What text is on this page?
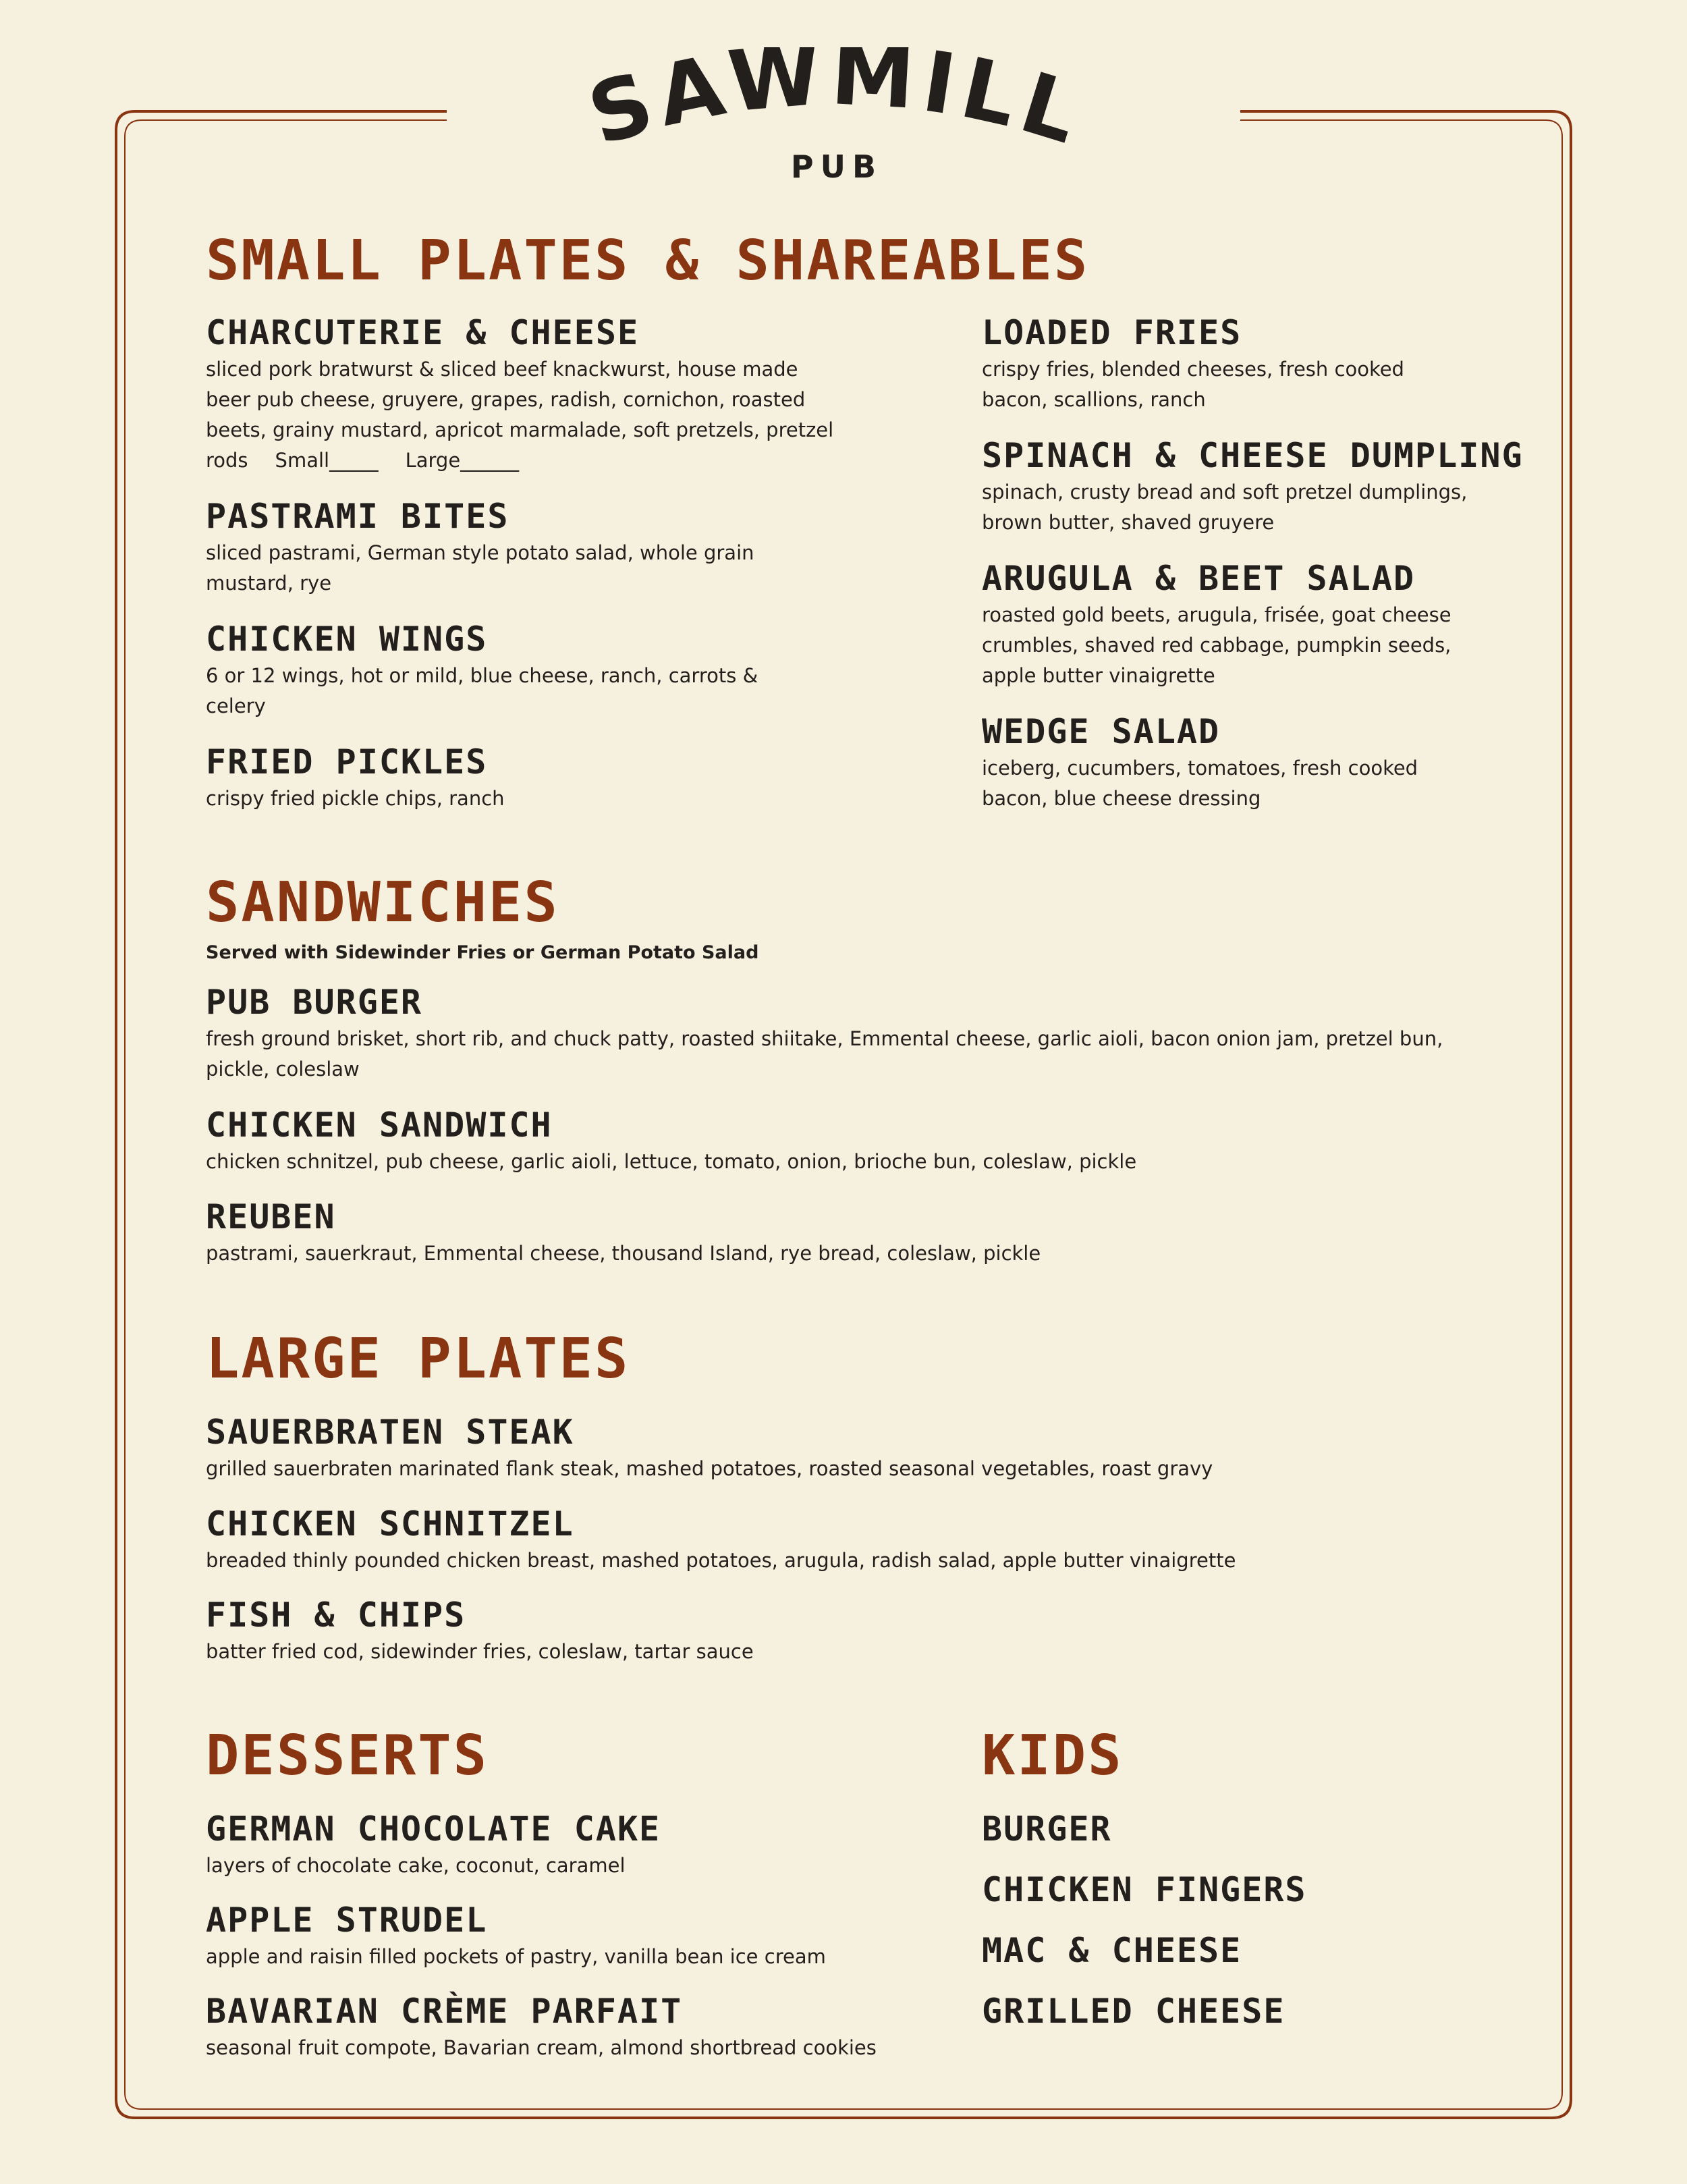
SAWMILL
PUB
SMALL PLATES & SHAREABLES
CHARCUTERIE & CHEESE

sliced pork bratwurst & sliced beef knackwurst, house made beer pub cheese, gruyere, grapes, radish, cornichon, roasted beets, grainy mustard, apricot marmalade, soft pretzels, pretzel rods Small_____ Large______

PASTRAMI BITES

sliced pastrami, German style potato salad, whole grain mustard, rye

CHICKEN WINGS

6 or 12 wings, hot or mild, blue cheese, ranch, carrots & celery

FRIED PICKLES

crispy fried pickle chips, ranch

LOADED FRIES

crispy fries, blended cheeses, fresh cooked bacon, scallions, ranch

SPINACH & CHEESE DUMPLING

spinach, crusty bread and soft pretzel dumplings, brown butter, shaved gruyere

ARUGULA & BEET SALAD

roasted gold beets, arugula, frisée, goat cheese crumbles, shaved red cabbage, pumpkin seeds, apple butter vinaigrette

WEDGE SALAD

iceberg, cucumbers, tomatoes, fresh cooked bacon, blue cheese dressing

SANDWICHES

Served with Sidewinder Fries or German Potato Salad

PUB BURGER

fresh ground brisket, short rib, and chuck patty, roasted shiitake, Emmental cheese, garlic aioli, bacon onion jam, pretzel bun, pickle, coleslaw

CHICKEN SANDWICH

chicken schnitzel, pub cheese, garlic aioli, lettuce, tomato, onion, brioche bun, coleslaw, pickle

REUBEN

pastrami, sauerkraut, Emmental cheese, thousand Island, rye bread, coleslaw, pickle

LARGE PLATES
SAUERBRATEN STEAK

grilled sauerbraten marinated flank steak, mashed potatoes, roasted seasonal vegetables, roast gravy

CHICKEN SCHNITZEL

breaded thinly pounded chicken breast, mashed potatoes, arugula, radish salad, apple butter vinaigrette

FISH & CHIPS

batter fried cod, sidewinder fries, coleslaw, tartar sauce

DESSERTS
GERMAN CHOCOLATE CAKE

layers of chocolate cake, coconut, caramel

APPLE STRUDEL

apple and raisin filled pockets of pastry, vanilla bean ice cream

BAVARIAN CRÈME PARFAIT

seasonal fruit compote, Bavarian cream, almond shortbread cookies

KIDS
BURGER
CHICKEN FINGERS
MAC & CHEESE
GRILLED CHEESE
